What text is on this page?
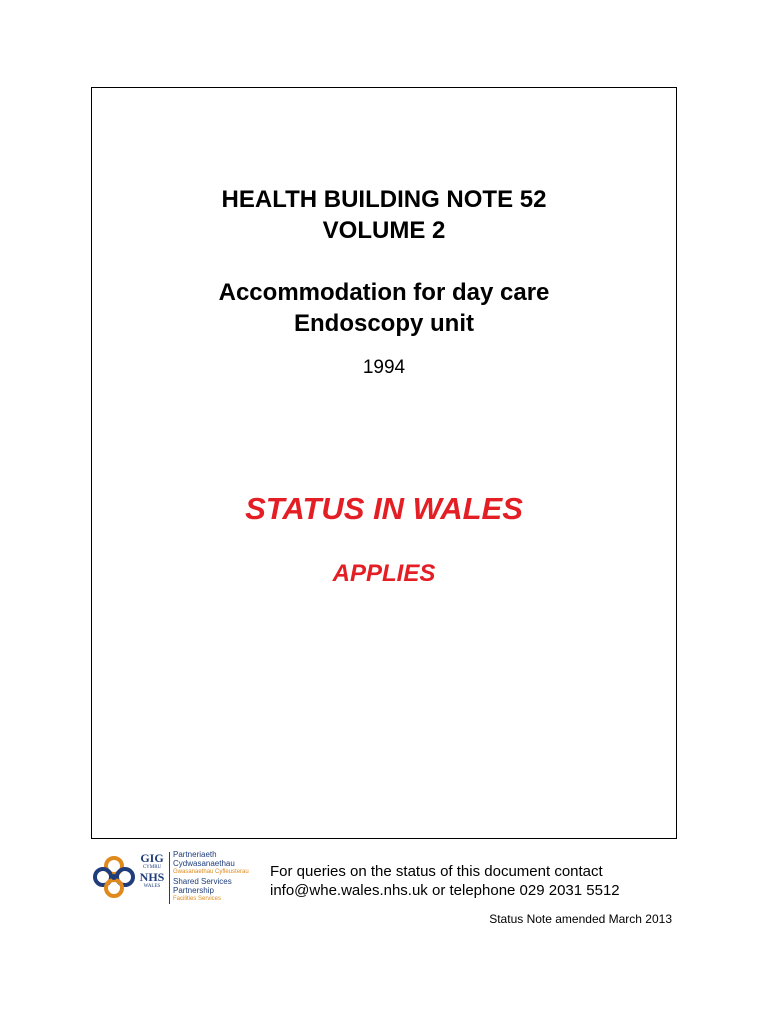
HEALTH BUILDING NOTE 52
VOLUME 2
Accommodation for day care
Endoscopy unit
1994
STATUS IN WALES
APPLIES
GIG
CYMRU
NHS
WALES
Partneriaeth
Cydwasanaethau
Gwasanaethau Cyfleusterau
Shared Services
Partnership
Facilities Services
For queries on the status of this document contact
info@whe.wales.nhs.uk or telephone 029 2031 5512
Status Note amended March 2013
